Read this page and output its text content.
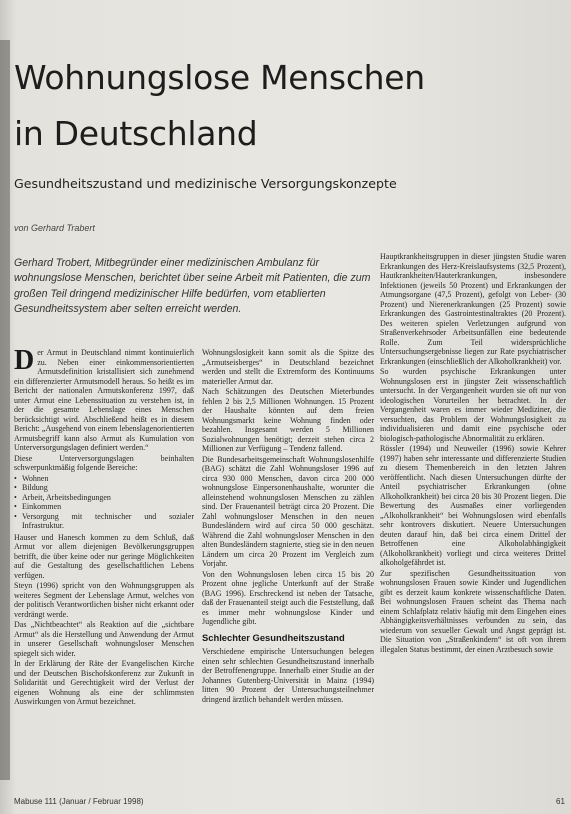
Wohnungslose Menschen
in Deutschland

Gesundheitszustand und medizinische Versorgungskonzepte

von Gerhard Trabert

Gerhard Trobert, Mitbegründer einer medizinischen Ambulanz für wohnungslose Menschen, berichtet über seine Arbeit mit Patienten, die zum großen Teil dringend medizinischer Hilfe bedürfen, vom etablierten Gesundheitssystem aber selten erreicht werden.

Der Armut in Deutschland nimmt kontinuierlich zu. Neben einer einkommensorientierten Armutsdefinition kristallisiert sich zunehmend ein differenzierter Armutsmodell heraus. So heißt es im Bericht der nationalen Armutskonferenz 1997, daß unter Armut eine Lebenssituation zu verstehen ist, in der die gesamte Lebenslage eines Menschen berücksichtigt wird. Abschließend heißt es in diesem Bericht: „Ausgehend von einem lebenslagenorientierten Armutsbegriff kann also Armut als Kumulation von Unterversorgungslagen definiert werden.“

Diese Unterversorgungslagen beinhalten schwerpunktmäßig folgende Bereiche:

• Wohnen
• Bildung
• Arbeit, Arbeitsbedingungen
• Einkommen
• Versorgung mit technischer und sozialer Infrastruktur.

Hauser und Hanesch kommen zu dem Schluß, daß Armut vor allem diejenigen Bevölkerungsgruppen betrifft, die über keine oder nur geringe Möglichkeiten auf die Gestaltung des gesellschaftlichen Lebens verfügen.

Steyn (1996) spricht von den Wohnungsgruppen als weiteres Segment der Lebenslage Armut, welches von der politisch Verantwortlichen bisher nicht erkannt oder verdrängt werde.

Das „Nichtbeachtet“ als Reaktion auf die „sichtbare Armut“ als die Herstellung und Anwendung der Armut in unserer Gesellschaft wohnungsloser Menschen spiegelt sich wider.

In der Erklärung der Räte der Evangelischen Kirche und der Deutschen Bischofskonferenz zur Zukunft in Solidarität und Gerechtigkeit wird der Verlust der eigenen Wohnung als eine der schlimmsten Auswirkungen von Armut bezeichnet.

Wohnungslosigkeit kann somit als die Spitze des „Armutseisberges“ in Deutschland bezeichnet werden und stellt die Extremform des Kontinuums materieller Armut dar.

Nach Schätzungen des Deutschen Mieterbundes fehlen 2 bis 2,5 Millionen Wohnungen. 15 Prozent der Haushalte könnten auf dem freien Wohnungsmarkt keine Wohnung finden oder bezahlen. Insgesamt werden 5 Millionen Sozialwohnungen benötigt; derzeit stehen circa 2 Millionen zur Verfügung – Tendenz fallend.

Die Bundesarbeitsgemeinschaft Wohnungslosenhilfe (BAG) schätzt die Zahl Wohnungsloser 1996 auf circa 930 000 Menschen, davon circa 200 000 wohnungslose Einpersonenhaushalte, worunter die alleinstehend wohnungslosen Menschen zu zählen sind. Der Frauenanteil beträgt circa 20 Prozent. Die Zahl wohnungsloser Menschen in den neuen Bundesländern wird auf circa 50 000 geschätzt. Während die Zahl wohnungsloser Menschen in den alten Bundesländern stagnierte, stieg sie in den neuen Ländern um circa 20 Prozent im Vergleich zum Vorjahr.

Von den Wohnungslosen leben circa 15 bis 20 Prozent ohne jegliche Unterkunft auf der Straße (BAG 1996). Erschreckend ist neben der Tatsache, daß der Frauenanteil steigt auch die Feststellung, daß es immer mehr wohnungslose Kinder und Jugendliche gibt.

Schlechter Gesundheitszustand

Verschiedene empirische Untersuchungen belegen einen sehr schlechten Gesundheitszustand innerhalb der Betroffenengruppe. Innerhalb einer Studie an der Johannes Gutenberg-Universität in Mainz (1994) litten 90 Prozent der Untersuchungsteilnehmer dringend ärztlich behandelt werden müssen.

Hauptkrankheitsgruppen in dieser jüngsten Studie waren Erkrankungen des Herz-Kreislaufsystems (32,5 Prozent), Hautkrankheiten/Hauterkrankungen, insbesondere Infektionen (jeweils 50 Prozent) und Erkrankungen der Atmungsorgane (47,5 Prozent), gefolgt von Leber- (30 Prozent) und Nierenerkrankungen (25 Prozent) sowie Erkrankungen des Gastrointestinaltraktes (20 Prozent). Des weiteren spielen Verletzungen aufgrund von Straßenverkehrsoder Arbeitsunfällen eine bedeutende Rolle. Zum Teil widersprüchliche Untersuchungsergebnisse liegen zur Rate psychiatrischer Erkrankungen (einschließlich der Alkoholkrankheit) vor.

So wurden psychische Erkrankungen unter Wohnungslosen erst in jüngster Zeit wissenschaftlich untersucht. In der Vergangenheit wurden sie oft nur von ideologischen Vorurteilen her betrachtet. In der Vergangenheit waren es immer wieder Mediziner, die versuchten, das Problem der Wohnungslosigkeit zu individualisieren und damit eine psychische oder biologisch-pathologische Abnormalität zu erklären.

Rössler (1994) und Neuweiler (1996) sowie Kehrer (1997) haben sehr interessante und differenzierte Studien zu diesem Themenbereich in den letzten Jahren veröffentlicht. Nach diesen Untersuchungen dürfte der Anteil psychiatrischer Erkrankungen (ohne Alkoholkrankheit) bei circa 20 bis 30 Prozent liegen. Die Bewertung des Ausmaßes einer vorliegenden „Alkoholkrankheit“ bei Wohnungslosen wird ebenfalls sehr kontrovers diskutiert. Neuere Untersuchungen deuten darauf hin, daß bei circa einem Drittel der Betroffenen eine Alkoholabhängigkeit (Alkoholkrankheit) vorliegt und circa weiteres Drittel alkoholgefährdet ist.

Zur spezifischen Gesundheitssituation von wohnungslosen Frauen sowie Kinder und Jugendlichen gibt es derzeit kaum konkrete wissenschaftliche Daten. Bei wohnungslosen Frauen scheint das Thema nach einem Schlafplatz relativ häufig mit dem Eingehen eines Abhängigkeitsverhältnisses verbunden zu sein, das wiederum von sexueller Gewalt und Angst geprägt ist. Die Situation von „Straßenkindern“ ist oft von ihrem illegalen Status bestimmt, der einen Arztbesuch sowie

Mabuse 111 (Januar / Februar 1998)	61
